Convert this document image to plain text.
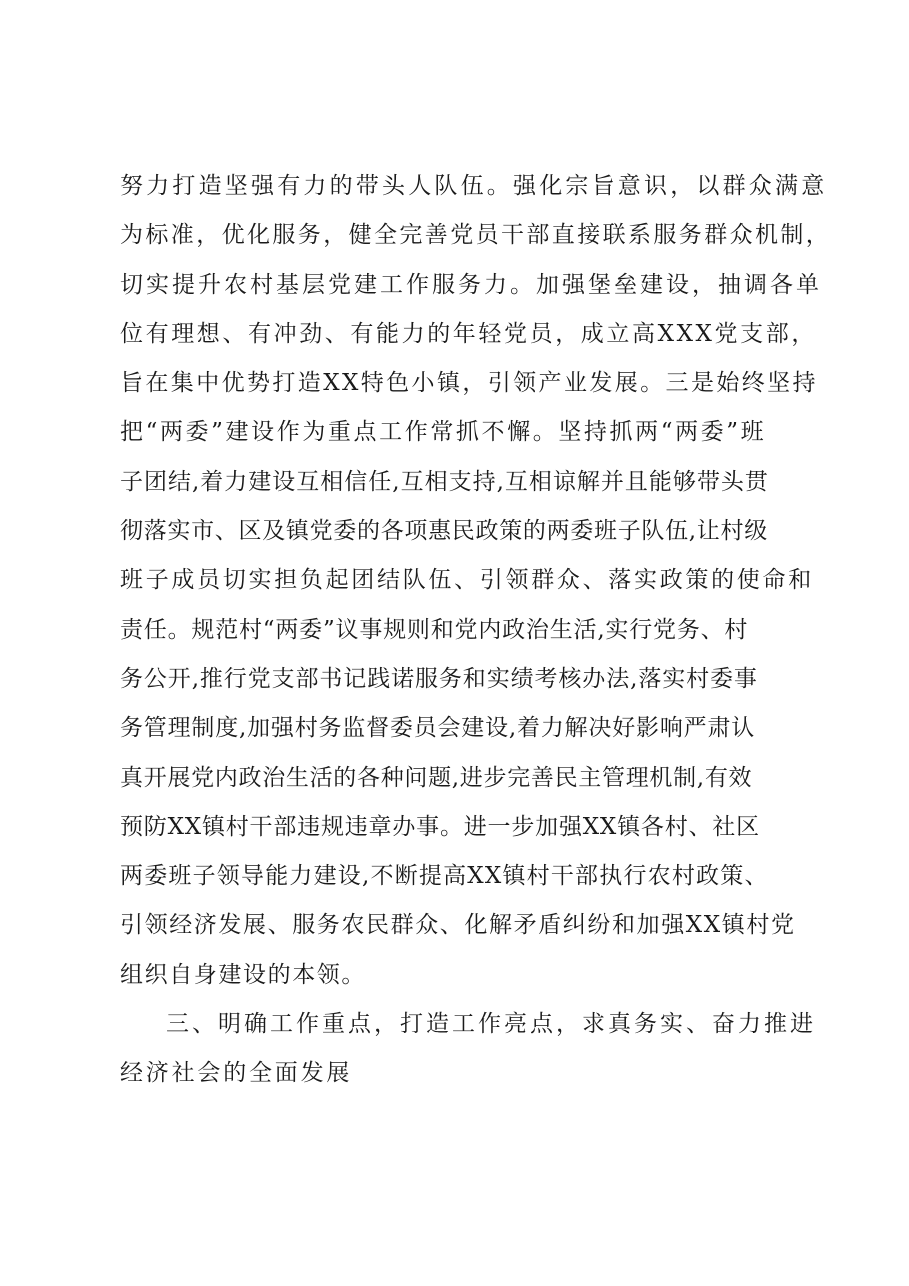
努力打造坚强有力的带头人队伍。强化宗旨意识，以群众满意
为标准，优化服务，健全完善党员干部直接联系服务群众机制，
切实提升农村基层党建工作服务力。加强堡垒建设，抽调各单
位有理想、有冲劲、有能力的年轻党员，成立高XXX党支部，
旨在集中优势打造XX特色小镇，引领产业发展。三是始终坚持
把“两委”建设作为重点工作常抓不懈。坚持抓两“两委”班
子团结,着力建设互相信任,互相支持,互相谅解并且能够带头贯
彻落实市、区及镇党委的各项惠民政策的两委班子队伍,让村级
班子成员切实担负起团结队伍、引领群众、落实政策的使命和
责任。规范村“两委”议事规则和党内政治生活,实行党务、村
务公开,推行党支部书记践诺服务和实绩考核办法,落实村委事
务管理制度,加强村务监督委员会建设,着力解决好影响严肃认
真开展党内政治生活的各种问题,进步完善民主管理机制,有效
预防XX镇村干部违规违章办事。进一步加强XX镇各村、社区
两委班子领导能力建设,不断提高XX镇村干部执行农村政策、
引领经济发展、服务农民群众、化解矛盾纠纷和加强XX镇村党
组织自身建设的本领。
三、明确工作重点，打造工作亮点，求真务实、奋力推进
经济社会的全面发展
